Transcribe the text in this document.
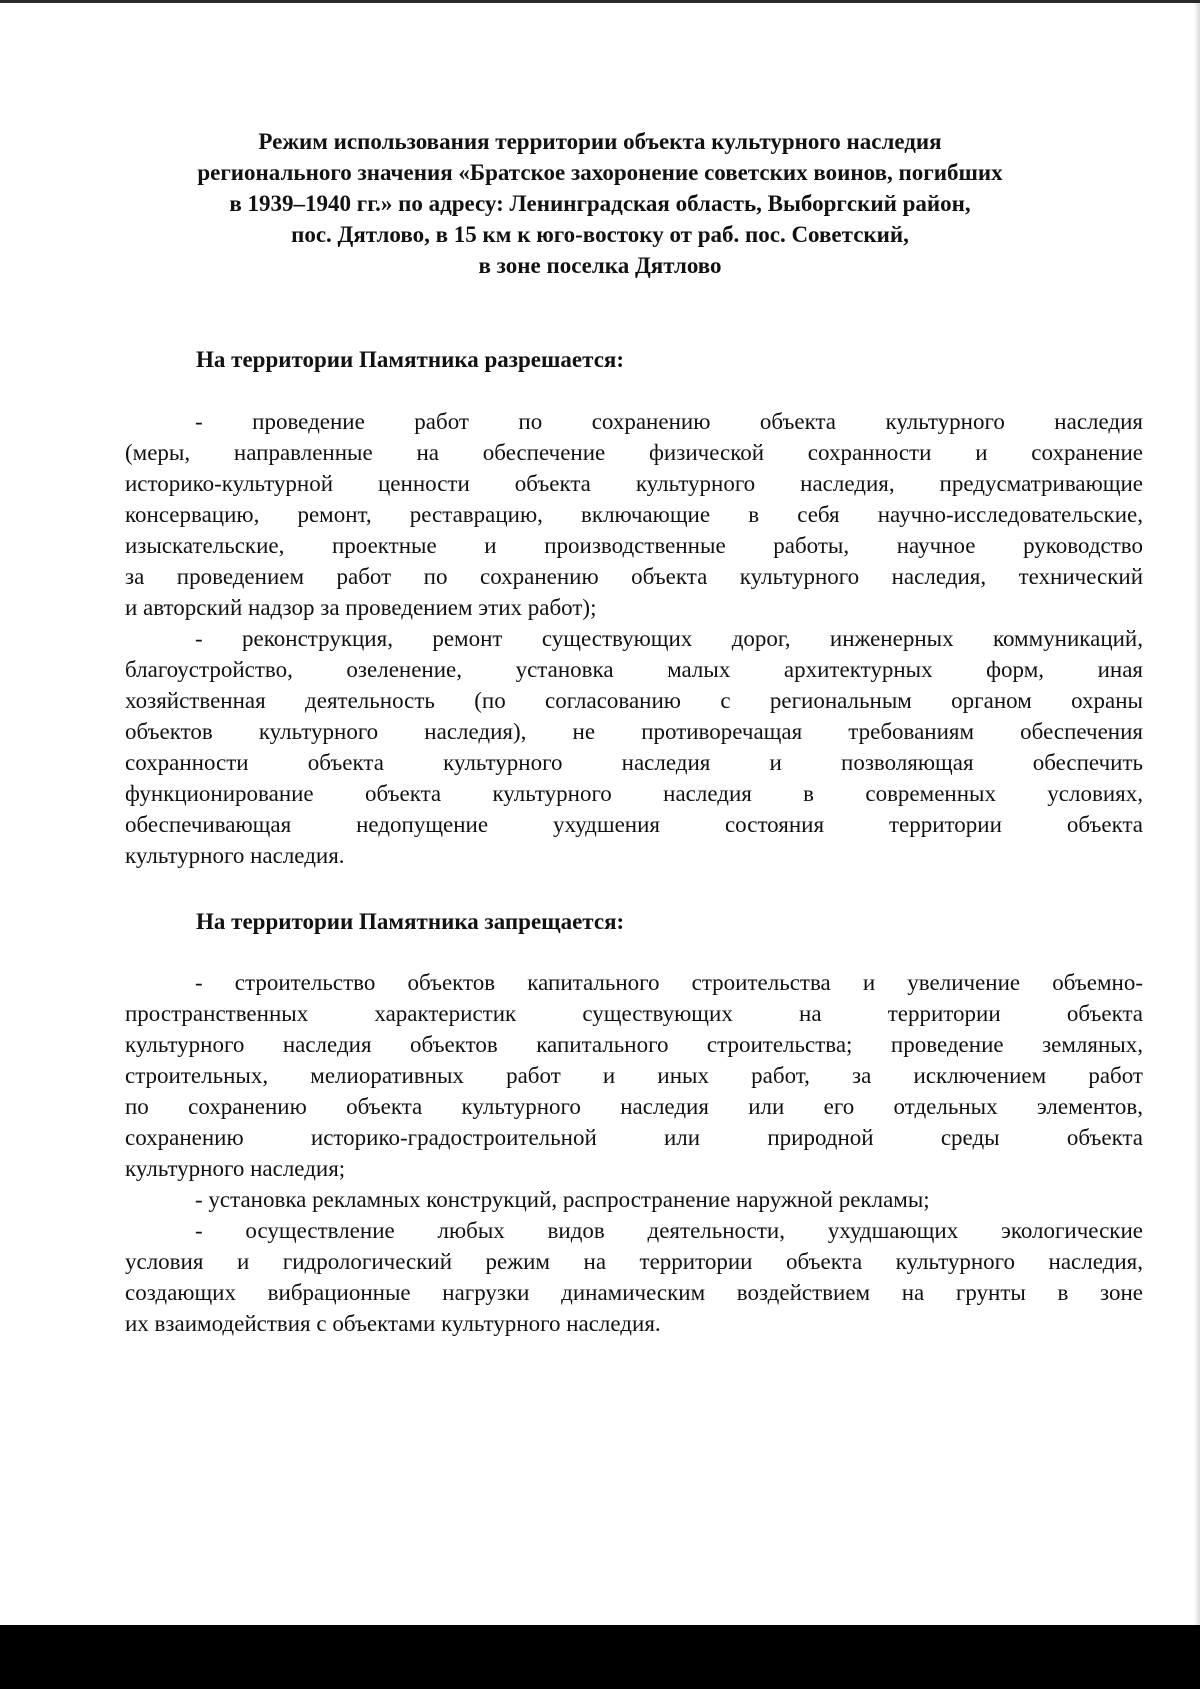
Режим использования территории объекта культурного наследия
регионального значения «Братское захоронение советских воинов, погибших
в 1939–1940 гг.» по адресу: Ленинградская область, Выборгский район,
пос. Дятлово, в 15 км к юго-востоку от раб. пос. Советский,
в зоне поселка Дятлово
На территории Памятника разрешается:
- проведение работ по сохранению объекта культурного наследия
(меры, направленные на обеспечение физической сохранности и сохранение
историко-культурной ценности объекта культурного наследия, предусматривающие
консервацию, ремонт, реставрацию, включающие в себя научно-исследовательские,
изыскательские, проектные и производственные работы, научное руководство
за проведением работ по сохранению объекта культурного наследия, технический
и авторский надзор за проведением этих работ);
- реконструкция, ремонт существующих дорог, инженерных коммуникаций,
благоустройство, озеленение, установка малых архитектурных форм, иная
хозяйственная деятельность (по согласованию с региональным органом охраны
объектов культурного наследия), не противоречащая требованиям обеспечения
сохранности объекта культурного наследия и позволяющая обеспечить
функционирование объекта культурного наследия в современных условиях,
обеспечивающая недопущение ухудшения состояния территории объекта
культурного наследия.
На территории Памятника запрещается:
- строительство объектов капитального строительства и увеличение объемно-
пространственных характеристик существующих на территории объекта
культурного наследия объектов капитального строительства; проведение земляных,
строительных, мелиоративных работ и иных работ, за исключением работ
по сохранению объекта культурного наследия или его отдельных элементов,
сохранению историко-градостроительной или природной среды объекта
культурного наследия;
- установка рекламных конструкций, распространение наружной рекламы;
- осуществление любых видов деятельности, ухудшающих экологические
условия и гидрологический режим на территории объекта культурного наследия,
создающих вибрационные нагрузки динамическим воздействием на грунты в зоне
их взаимодействия с объектами культурного наследия.
